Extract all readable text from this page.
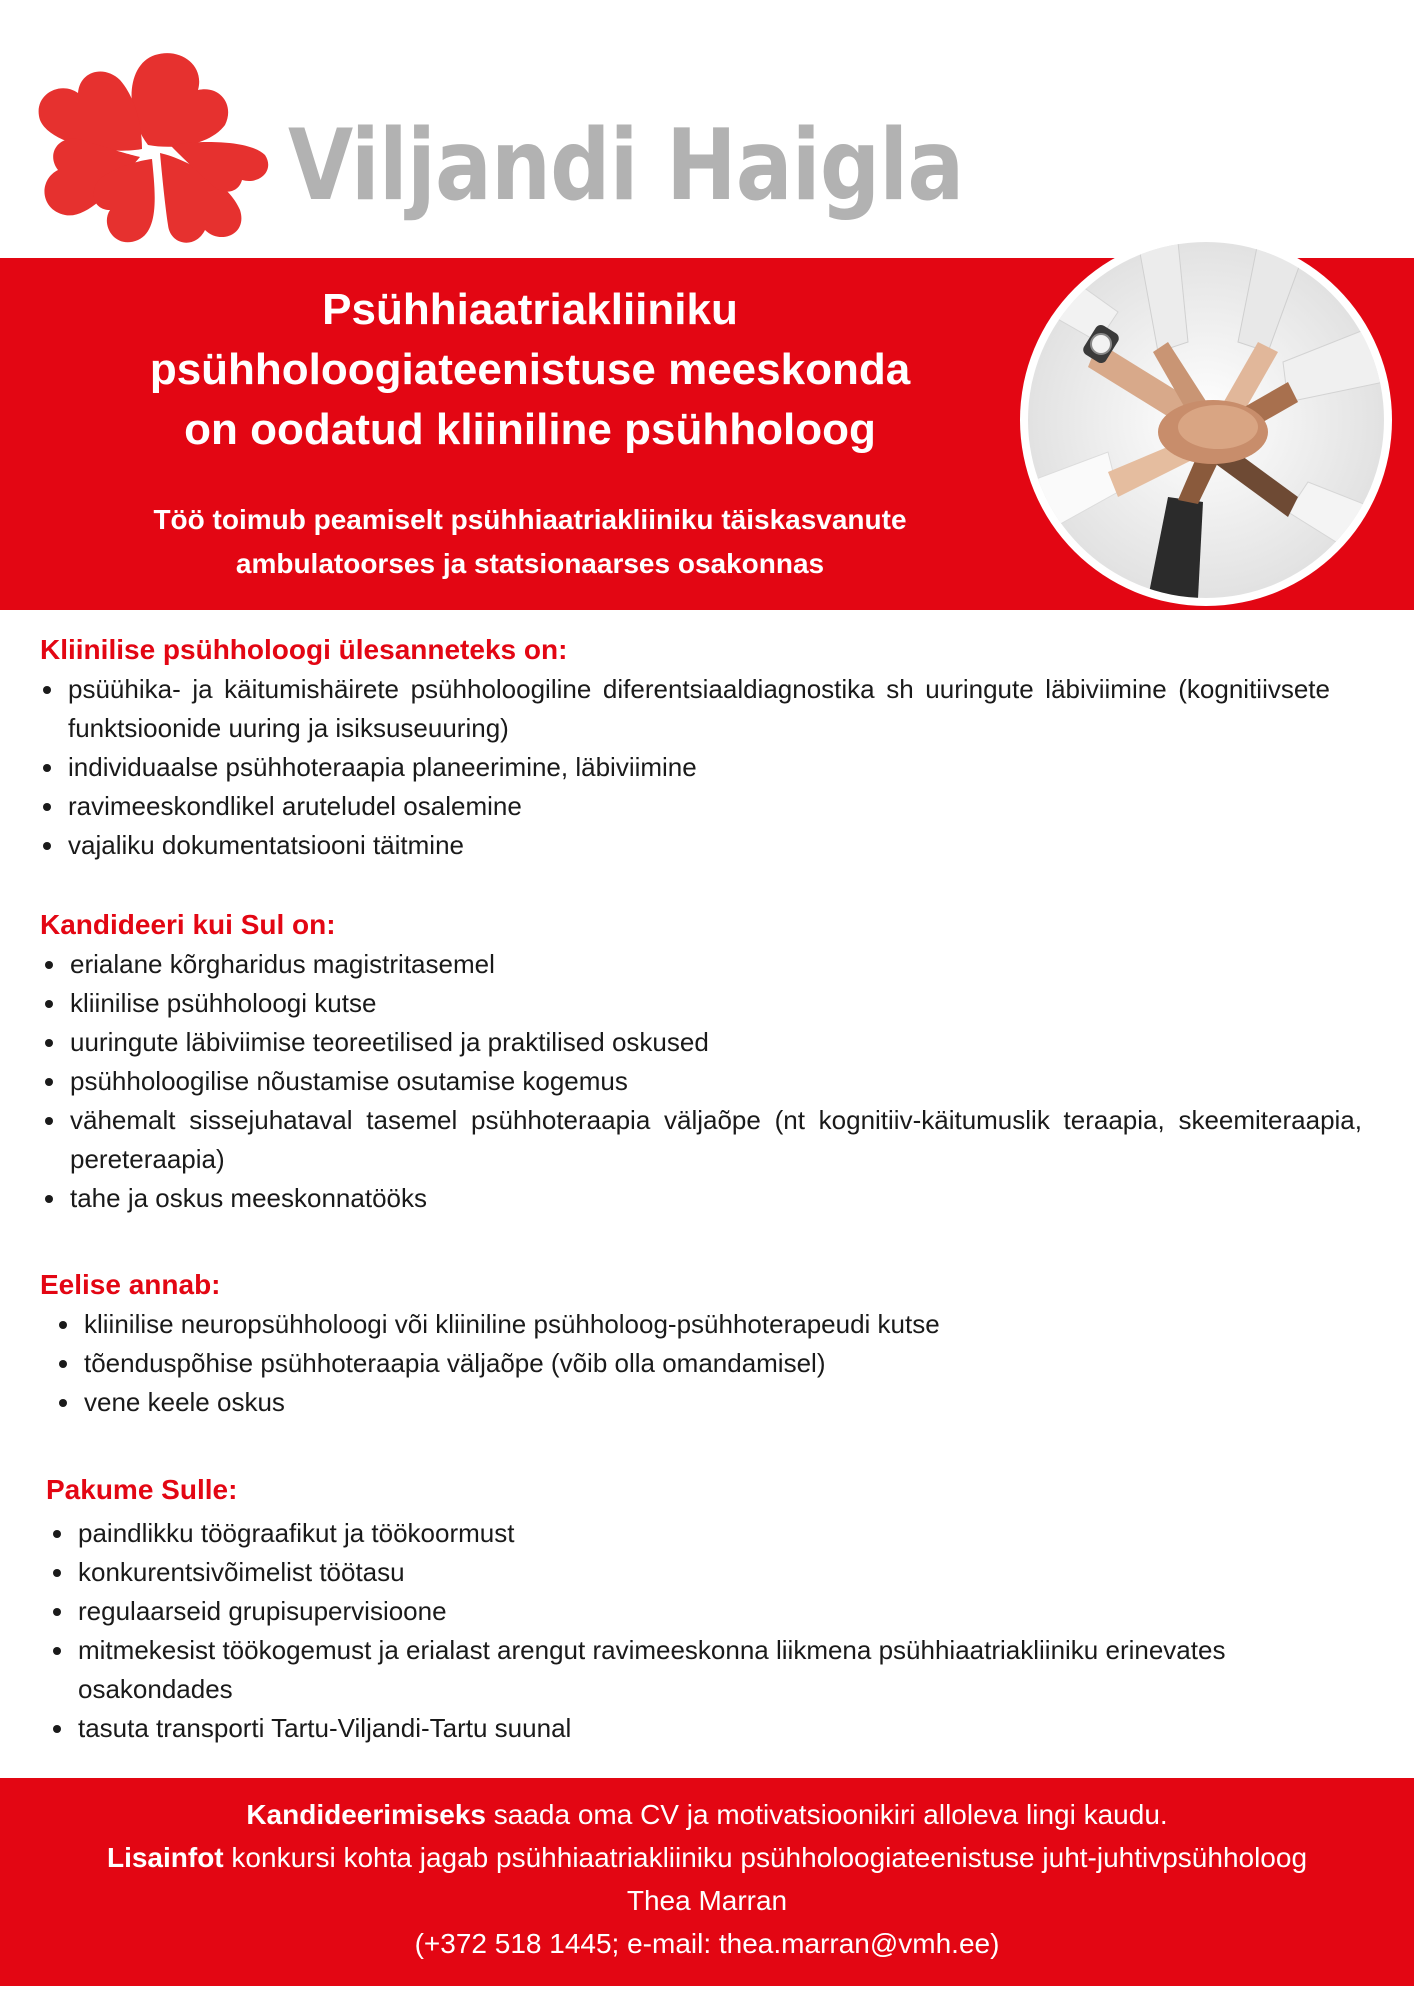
Viljandi Haigla
Psühhiaatriakliiniku
psühholoogiateenistuse meeskonda
on oodatud kliiniline psühholoog
Töö toimub peamiselt psühhiaatriakliiniku täiskasvanute
ambulatoorses ja statsionaarses osakonnas
Kliinilise psühholoogi ülesanneteks on:
psüühika- ja käitumishäirete psühholoogiline diferentsiaaldiagnostika sh uuringute läbiviimine (kognitiivsete funktsioonide uuring ja isiksuseuuring)
individuaalse psühhoteraapia planeerimine, läbiviimine
ravimeeskondlikel aruteludel osalemine
vajaliku dokumentatsiooni täitmine
Kandideeri kui Sul on:
erialane kõrgharidus magistritasemel
kliinilise psühholoogi kutse
uuringute läbiviimise teoreetilised ja praktilised oskused
psühholoogilise nõustamise osutamise kogemus
vähemalt sissejuhataval tasemel psühhoteraapia väljaõpe (nt kognitiiv-käitumuslik teraapia, skeemiteraapia, pereteraapia)
tahe ja oskus meeskonnatööks
Eelise annab:
kliinilise neuropsühholoogi või kliiniline psühholoog-psühhoterapeudi kutse
tõenduspõhise psühhoteraapia väljaõpe (võib olla omandamisel)
vene keele oskus
Pakume Sulle:
paindlikku töögraafikut ja töökoormust
konkurentsivõimelist töötasu
regulaarseid grupisupervisioone
mitmekesist töökogemust ja erialast arengut ravimeeskonna liikmena psühhiaatriakliiniku erinevates osakondades
tasuta transporti Tartu-Viljandi-Tartu suunal
Kandideerimiseks saada oma CV ja motivatsioonikiri alloleva lingi kaudu.
Lisainfot konkursi kohta jagab psühhiaatriakliiniku psühholoogiateenistuse juht-juhtivpsühholoog Thea Marran
(+372 518 1445; e-mail: thea.marran@vmh.ee)
